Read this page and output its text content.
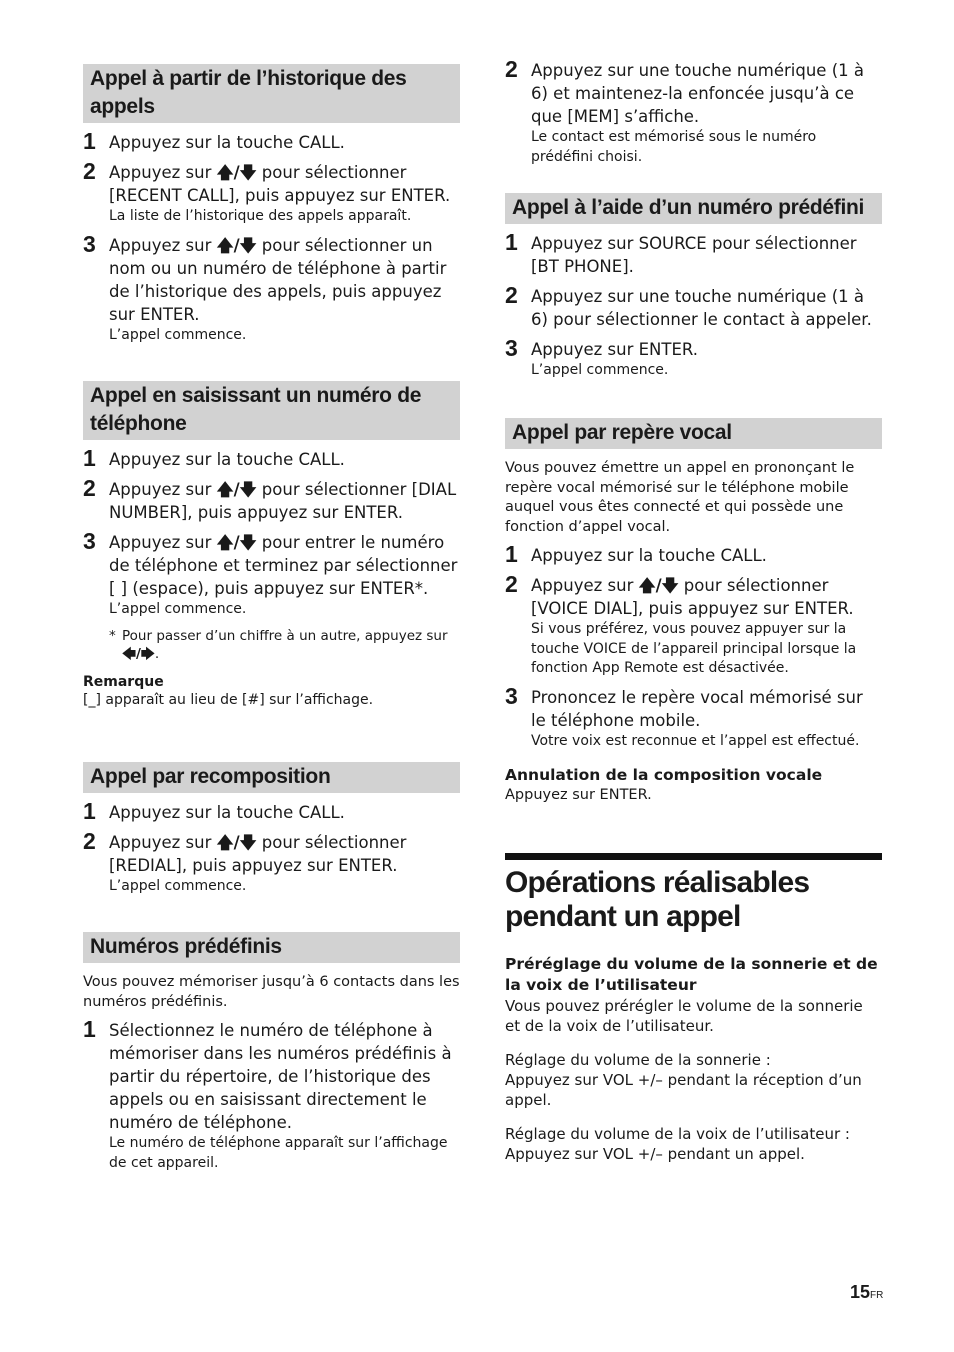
Appel à partir de l’historique des appels
1 Appuyez sur la touche CALL.
2 Appuyez sur 🡅/🡇 pour sélectionner [RECENT CALL], puis appuyez sur ENTER.
La liste de l’historique des appels apparaît.
3 Appuyez sur 🡅/🡇 pour sélectionner un nom ou un numéro de téléphone à partir de l’historique des appels, puis appuyez sur ENTER.
L’appel commence.
Appel en saisissant un numéro de téléphone
1 Appuyez sur la touche CALL.
2 Appuyez sur 🡅/🡇 pour sélectionner [DIAL NUMBER], puis appuyez sur ENTER.
3 Appuyez sur 🡅/🡇 pour entrer le numéro de téléphone et terminez par sélectionner [ ] (espace), puis appuyez sur ENTER*.
L’appel commence.
* Pour passer d’un chiffre à un autre, appuyez sur 🡄/🡆.
Remarque
[_] apparaît au lieu de [#] sur l’affichage.
Appel par recomposition
1 Appuyez sur la touche CALL.
2 Appuyez sur 🡅/🡇 pour sélectionner [REDIAL], puis appuyez sur ENTER.
L’appel commence.
Numéros prédéfinis
Vous pouvez mémoriser jusqu’à 6 contacts dans les numéros prédéfinis.
1 Sélectionnez le numéro de téléphone à mémoriser dans les numéros prédéfinis à partir du répertoire, de l’historique des appels ou en saisissant directement le numéro de téléphone.
Le numéro de téléphone apparaît sur l’affichage de cet appareil.
2 Appuyez sur une touche numérique (1 à 6) et maintenez-la enfoncée jusqu’à ce que [MEM] s’affiche.
Le contact est mémorisé sous le numéro prédéfini choisi.
Appel à l’aide d’un numéro prédéfini
1 Appuyez sur SOURCE pour sélectionner [BT PHONE].
2 Appuyez sur une touche numérique (1 à 6) pour sélectionner le contact à appeler.
3 Appuyez sur ENTER.
L’appel commence.
Appel par repère vocal
Vous pouvez émettre un appel en prononçant le repère vocal mémorisé sur le téléphone mobile auquel vous êtes connecté et qui possède une fonction d’appel vocal.
1 Appuyez sur la touche CALL.
2 Appuyez sur 🡅/🡇 pour sélectionner [VOICE DIAL], puis appuyez sur ENTER.
Si vous préférez, vous pouvez appuyer sur la touche VOICE de l’appareil principal lorsque la fonction App Remote est désactivée.
3 Prononcez le repère vocal mémorisé sur le téléphone mobile.
Votre voix est reconnue et l’appel est effectué.
Annulation de la composition vocale
Appuyez sur ENTER.
Opérations réalisables pendant un appel
Préréglage du volume de la sonnerie et de la voix de l’utilisateur
Vous pouvez prérégler le volume de la sonnerie et de la voix de l’utilisateur.
Réglage du volume de la sonnerie :
Appuyez sur VOL +/– pendant la réception d’un appel.
Réglage du volume de la voix de l’utilisateur :
Appuyez sur VOL +/– pendant un appel.
15FR
